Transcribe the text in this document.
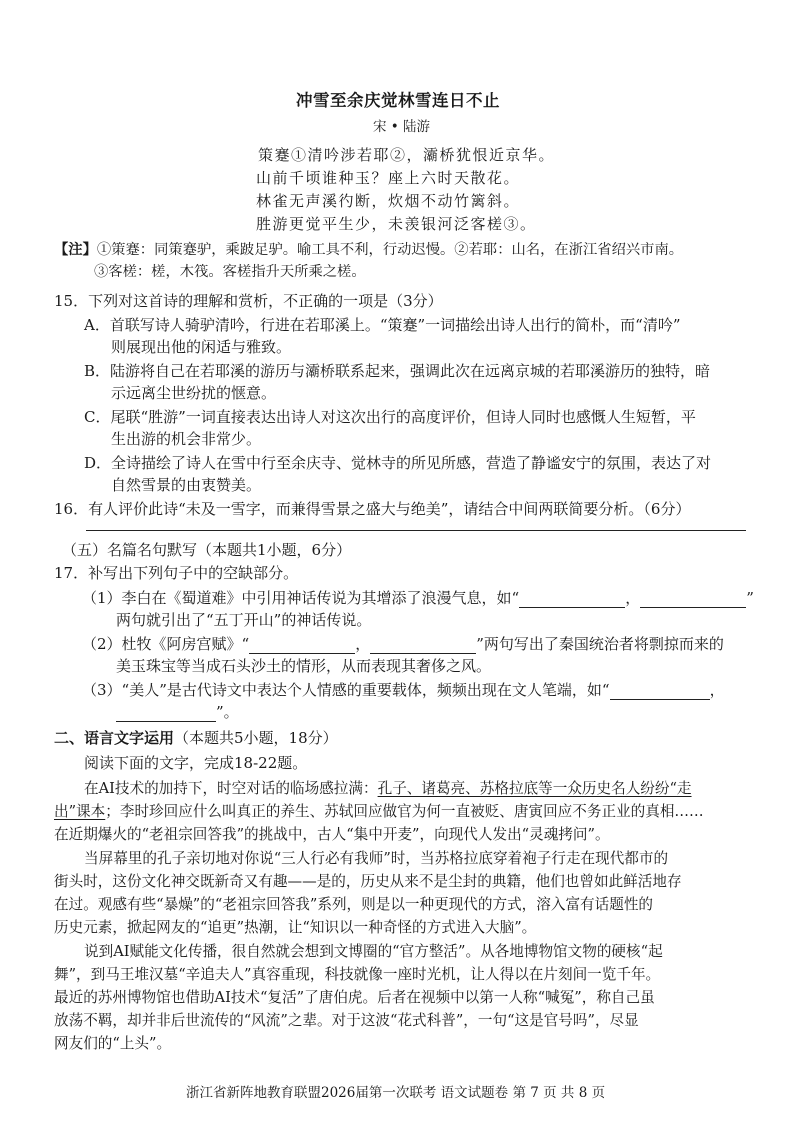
冲雪至余庆觉林雪连日不止
宋 • 陆游
策蹇①清吟涉若耶②，灞桥犹恨近京华。
山前千顷谁种玉？座上六时天散花。
林雀无声溪彴断，炊烟不动竹篱斜。
胜游更觉平生少，未羡银河泛客槎③。
【注】①策蹇：同策蹇驴，乘跛足驴。喻工具不利，行动迟慢。②若耶：山名，在浙江省绍兴市南。
③客槎：槎，木筏。客槎指升天所乘之槎。
15．下列对这首诗的理解和赏析，不正确的一项是（3分）
A．首联写诗人骑驴清吟，行进在若耶溪上。“策蹇”一词描绘出诗人出行的简朴，而“清吟”
则展现出他的闲适与雅致。
B．陆游将自己在若耶溪的游历与灞桥联系起来，强调此次在远离京城的若耶溪游历的独特，暗
示远离尘世纷扰的惬意。
C．尾联“胜游”一词直接表达出诗人对这次出行的高度评价，但诗人同时也感慨人生短暂，平
生出游的机会非常少。
D．全诗描绘了诗人在雪中行至余庆寺、觉林寺的所见所感，营造了静谧安宁的氛围，表达了对
自然雪景的由衷赞美。
16．有人评价此诗“未及一雪字，而兼得雪景之盛大与绝美”，请结合中间两联简要分析。（6分）
（五）名篇名句默写（本题共1小题，6分）
17．补写出下列句子中的空缺部分。
（1）李白在《蜀道难》中引用神话传说为其增添了浪漫气息，如“	，	”
两句就引出了“五丁开山”的神话传说。
（2）杜牧《阿房宫赋》“	，	”两句写出了秦国统治者将剽掠而来的
美玉珠宝等当成石头沙土的情形，从而表现其奢侈之风。
（3）“美人”是古代诗文中表达个人情感的重要载体，频频出现在文人笔端，如“	，
”。
二、语言文字运用（本题共5小题，18分）
阅读下面的文字，完成18-22题。
在AI技术的加持下，时空对话的临场感拉满：孔子、诸葛亮、苏格拉底等一众历史名人纷纷“走
出”课本；李时珍回应什么叫真正的养生、苏轼回应做官为何一直被贬、唐寅回应不务正业的真相……
在近期爆火的“老祖宗回答我”的挑战中，古人“集中开麦”，向现代人发出“灵魂拷问”。
当屏幕里的孔子亲切地对你说“三人行必有我师”时，当苏格拉底穿着袍子行走在现代都市的
街头时，这份文化神交既新奇又有趣——是的，历史从来不是尘封的典籍，他们也曾如此鲜活地存
在过。观感有些“暴燥”的“老祖宗回答我”系列，则是以一种更现代的方式，溶入富有话题性的
历史元素，掀起网友的“追更”热潮，让“知识以一种奇怪的方式进入大脑”。
说到AI赋能文化传播，很自然就会想到文博圈的“官方整活”。从各地博物馆文物的硬核“起
舞”，到马王堆汉墓“辛追夫人”真容重现，科技就像一座时光机，让人得以在片刻间一览千年。
最近的苏州博物馆也借助AI技术“复活”了唐伯虎。后者在视频中以第一人称“喊冤”，称自己虽
放荡不羁，却并非后世流传的“风流”之辈。对于这波“花式科普”，一句“这是官号吗”，尽显
网友们的“上头”。
浙江省新阵地教育联盟2026届第一次联考 语文试题卷 第 7 页 共 8 页
